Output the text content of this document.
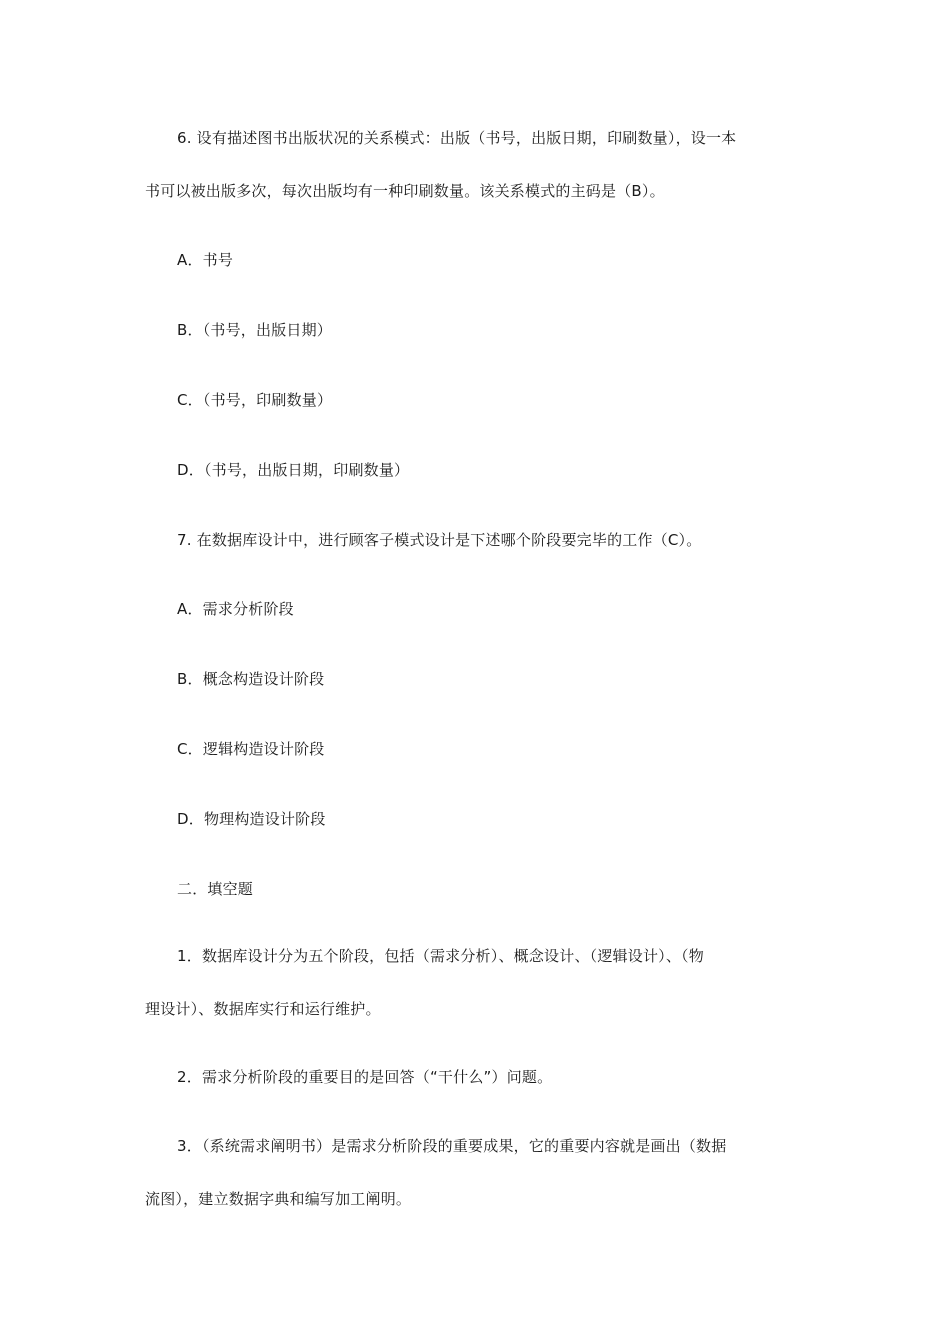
6. 设有描述图书出版状况的关系模式：出版（书号，出版日期，印刷数量），设一本
书可以被出版多次，每次出版均有一种印刷数量。该关系模式的主码是（B）。
A．书号
B．（书号，出版日期）
C．（书号，印刷数量）
D．（书号，出版日期，印刷数量）
7. 在数据库设计中，进行顾客子模式设计是下述哪个阶段要完毕的工作（C）。
A．需求分析阶段
B．概念构造设计阶段
C．逻辑构造设计阶段
D．物理构造设计阶段
二．填空题
1．数据库设计分为五个阶段，包括（需求分析）、概念设计、（逻辑设计）、（物
理设计）、数据库实行和运行维护。
2．需求分析阶段的重要目的是回答（“干什么”）问题。
3．（系统需求阐明书）是需求分析阶段的重要成果，它的重要内容就是画出（数据
流图），建立数据字典和编写加工阐明。
